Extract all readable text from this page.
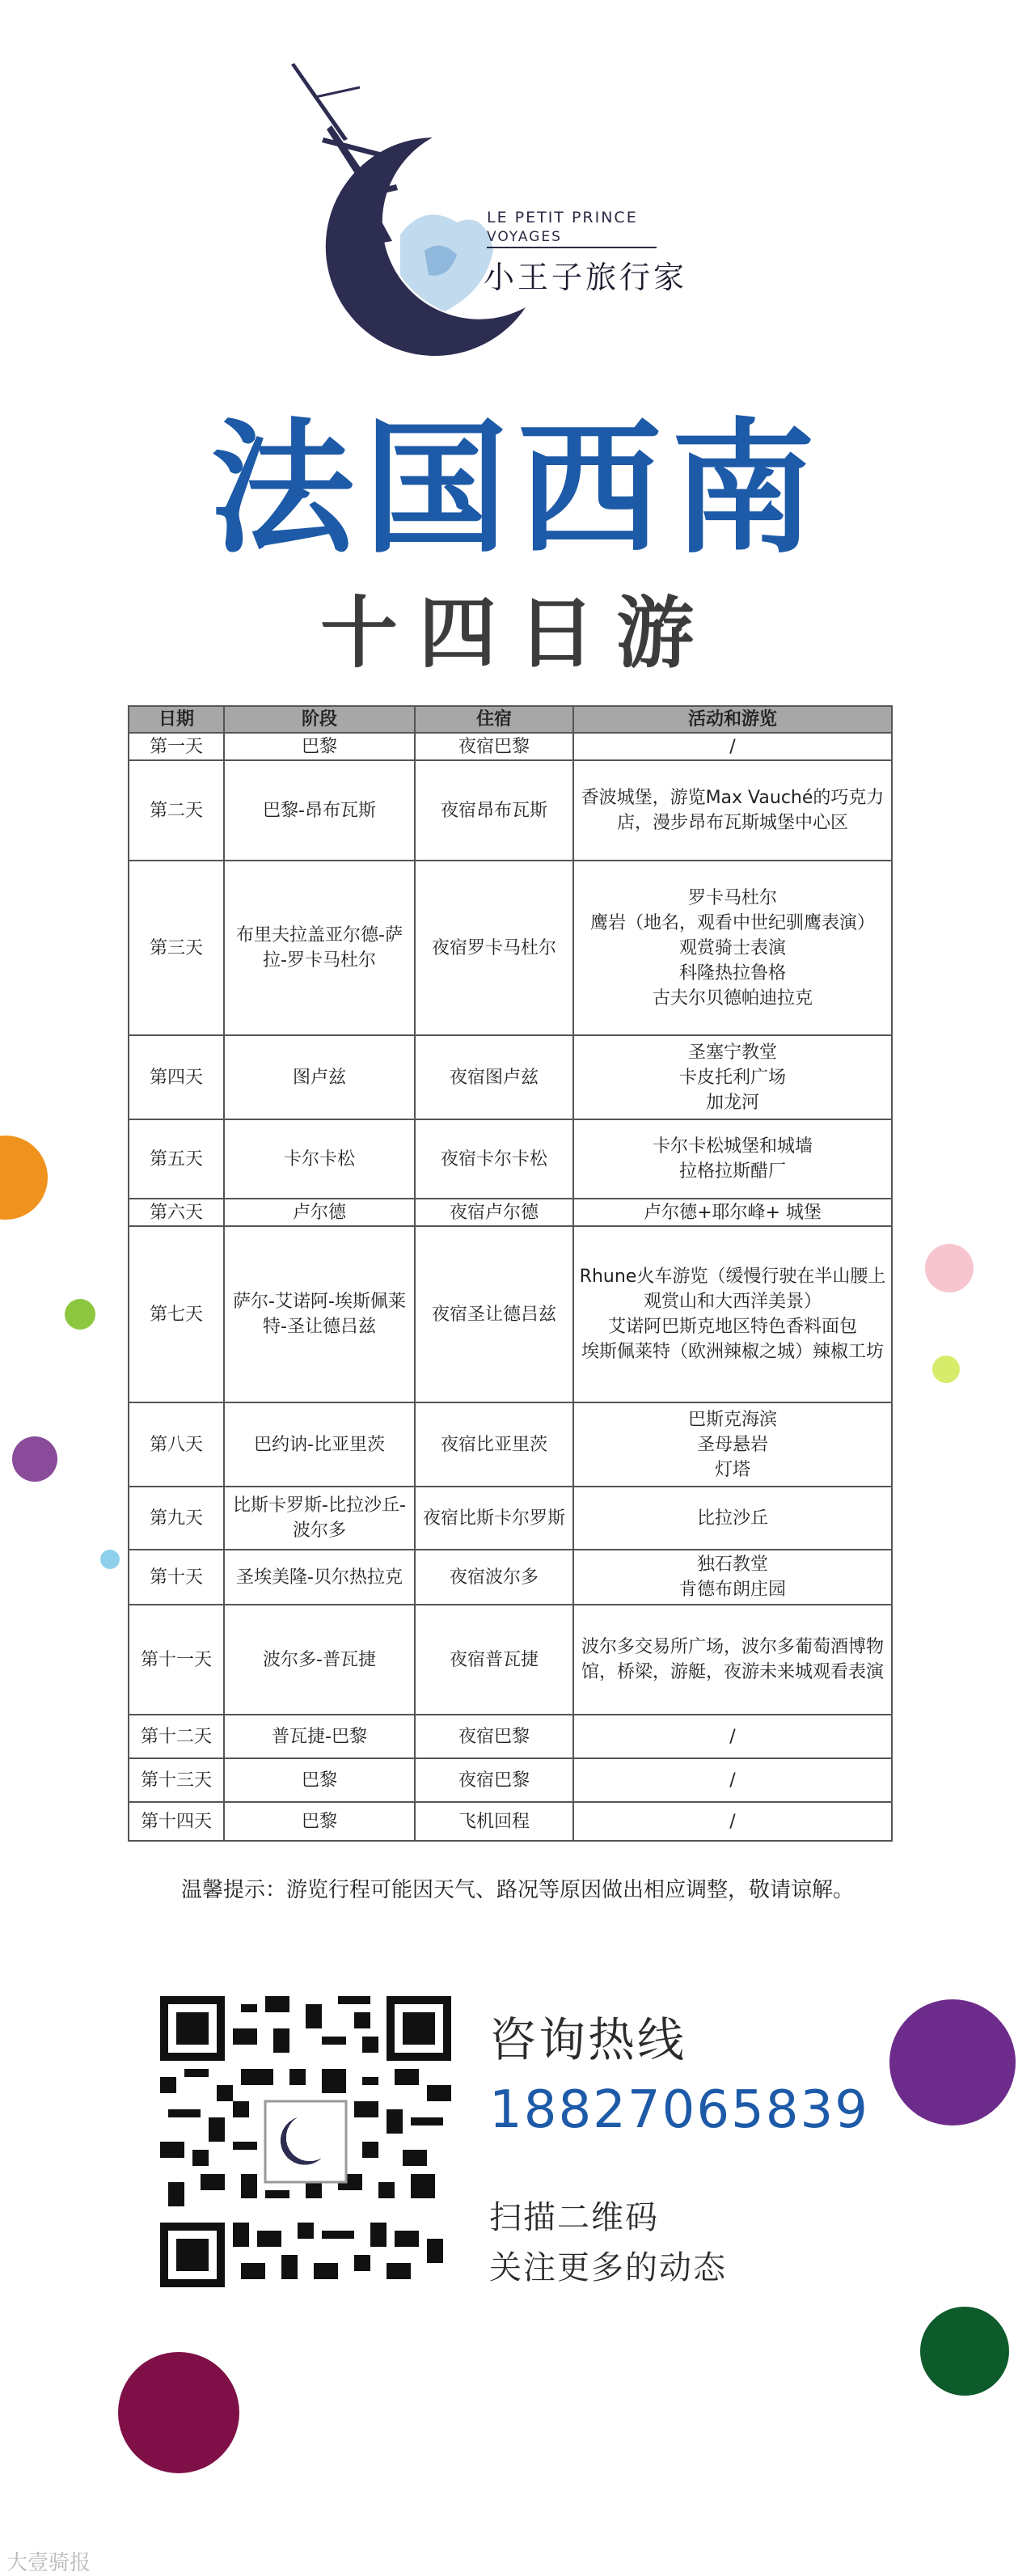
LE PETIT PRINCE
VOYAGES
小王子旅行家
法国西南
十四日游
日期	阶段	住宿	活动和游览
第一天	巴黎	夜宿巴黎	/

第二天	巴黎-昂布瓦斯	夜宿昂布瓦斯	香波城堡，游览Max Vauché的巧克力店，漫步昂布瓦斯城堡中心区

第三天	布里夫拉盖亚尔德-萨拉-罗卡马杜尔	夜宿罗卡马杜尔	罗卡马杜尔
鹰岩（地名，观看中世纪驯鹰表演）
观赏骑士表演
科隆热拉鲁格
古夫尔贝德帕迪拉克

第四天	图卢兹	夜宿图卢兹	圣塞宁教堂
卡皮托利广场
加龙河

第五天	卡尔卡松	夜宿卡尔卡松	卡尔卡松城堡和城墙
拉格拉斯醋厂

第六天	卢尔德	夜宿卢尔德	卢尔德+耶尔峰+ 城堡

第七天	萨尔-艾诺阿-埃斯佩莱特-圣让德吕兹	夜宿圣让德吕兹	Rhune火车游览（缓慢行驶在半山腰上观赏山和大西洋美景）
艾诺阿巴斯克地区特色香料面包
埃斯佩莱特（欧洲辣椒之城）辣椒工坊

第八天	巴约讷-比亚里茨	夜宿比亚里茨	巴斯克海滨
圣母悬岩
灯塔

第九天	比斯卡罗斯-比拉沙丘-波尔多	夜宿比斯卡尔罗斯	比拉沙丘

第十天	圣埃美隆-贝尔热拉克	夜宿波尔多	独石教堂
肯德布朗庄园

第十一天	波尔多-普瓦捷	夜宿普瓦捷	波尔多交易所广场，波尔多葡萄酒博物馆，桥梁，游艇，夜游未来城观看表演

第十二天	普瓦捷-巴黎	夜宿巴黎	/

第十三天	巴黎	夜宿巴黎	/

第十四天	巴黎	飞机回程	/
温馨提示：游览行程可能因天气、路况等原因做出相应调整，敬请谅解。
咨询热线
18827065839
扫描二维码
关注更多的动态
大壹骑报
